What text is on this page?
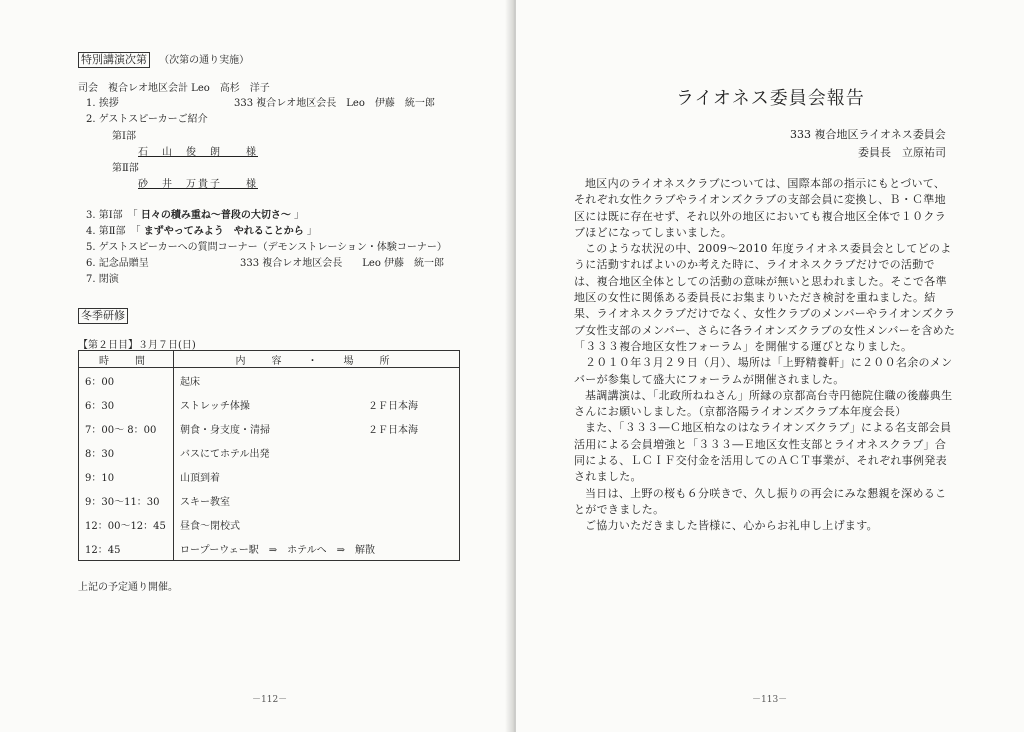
特別講演次第 （次第の通り実施）
司会　複合レオ地区会計 Leo　高杉　洋子
1. 挨拶	333 複合レオ地区会長　Leo　伊藤　統一郎
2. ゲストスピーカーご紹介
第Ⅰ部
石　山　俊　朗　　様
第Ⅱ部
砂　井　万貴子　　様
3. 第Ⅰ部　「 日々の積み重ね～普段の大切さ～ 」
4. 第Ⅱ部　「 まずやってみよう　やれることから 」
5. ゲストスピーカーへの質問コーナー（デモンストレーション・体験コーナー）
6. 記念品贈呈	333 複合レオ地区会長　　Leo 伊藤　統一郎
7. 閉演
冬季研修
【第２日目】３月７日(日)
時　間	内　容　・　場　所
6：00	起床

6：30	ストレッチ体操 ２Ｆ日本海

7：00～ 8：00	朝食・身支度・清掃 ２Ｆ日本海

8：30	バスにてホテル出発

9：10	山頂到着

9：30～11：30	スキー教室

12：00～12：45	昼食～閉校式

12：45	ロープーウェー駅　⇒　ホテルへ　⇒　解散
上記の予定通り開催。
－112－
ライオネス委員会報告
333 複合地区ライオネス委員会
委員長　立原祐司

地区内のライオネスクラブについては、国際本部の指示にもとづいて、それぞれ女性クラブやライオンズクラブの支部会員に変換し、Ｂ・Ｃ準地区には既に存在せず、それ以外の地区においても複合地区全体で１０クラブほどになってしまいました。

このような状況の中、2009～2010 年度ライオネス委員会としてどのように活動すればよいのか考えた時に、ライオネスクラブだけでの活動では、複合地区全体としての活動の意味が無いと思われました。そこで各準地区の女性に関係ある委員長にお集まりいただき検討を重ねました。結果、ライオネスクラブだけでなく、女性クラブのメンバーやライオンズクラブ女性支部のメンバー、さらに各ライオンズクラブの女性メンバーを含めた「３３３複合地区女性フォーラム」を開催する運びとなりました。

２０１０年３月２９日（月）、場所は「上野精養軒」に２００名余のメンバーが参集して盛大にフォーラムが開催されました。

基調講演は、「北政所ねねさん」所縁の京都高台寺円徳院住職の後藤典生さんにお願いしました。（京都洛陽ライオンズクラブ本年度会長）

また、「３３３―Ｃ地区柏なのはなライオンズクラブ」による名支部会員活用による会員増強と「３３３―Ｅ地区女性支部とライオネスクラブ」合同による、ＬＣＩＦ交付金を活用してのＡＣＴ事業が、それぞれ事例発表されました。

当日は、上野の桜も６分咲きで、久し振りの再会にみな懇親を深めることができました。

ご協力いただきました皆様に、心からお礼申し上げます。

－113－
